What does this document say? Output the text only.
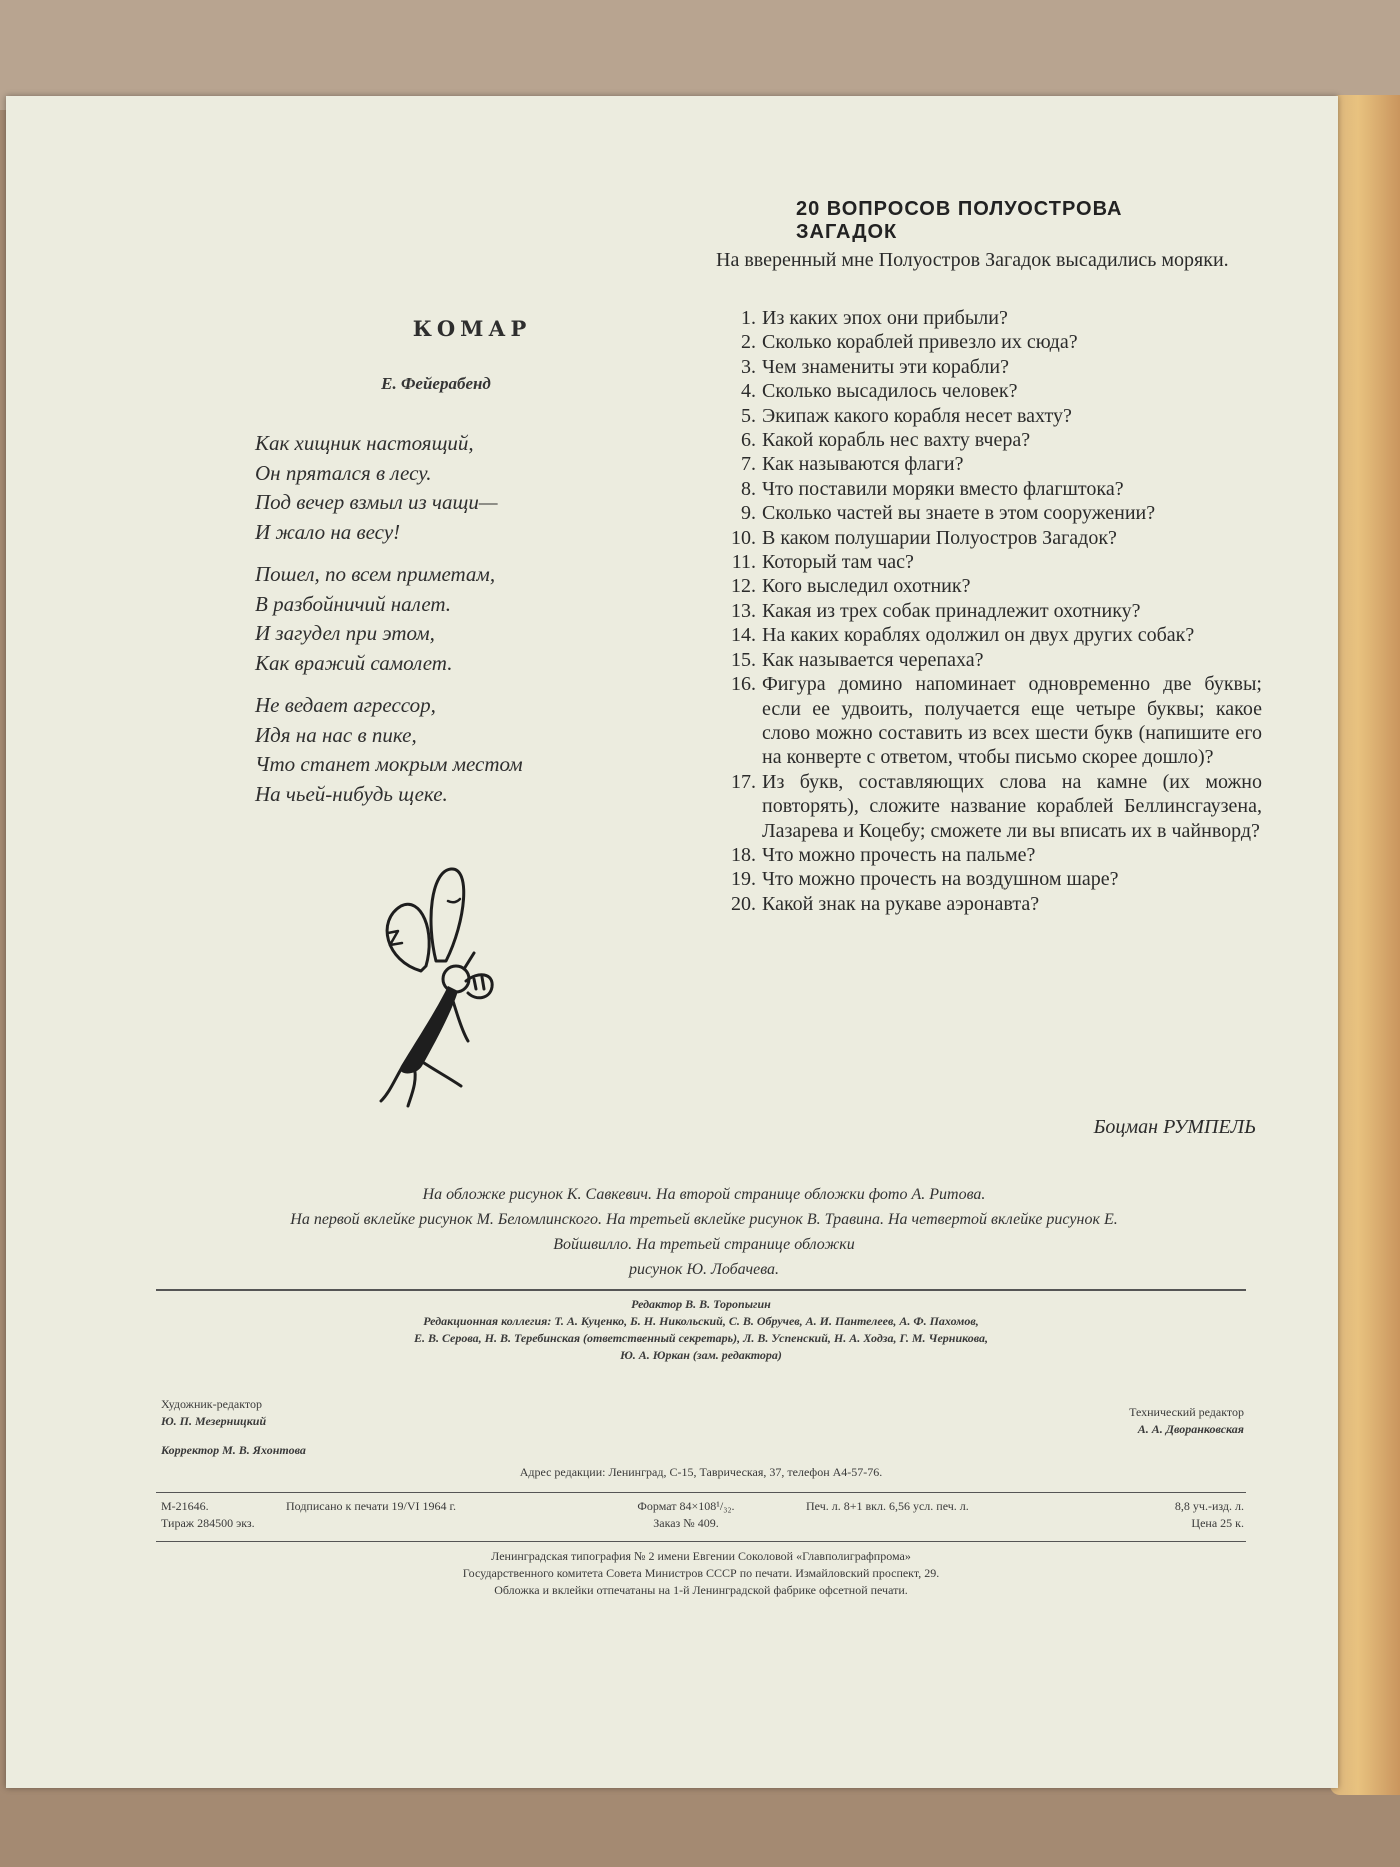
КОМАР
Е. Фейерабенд
Как хищник настоящий,
Он прятался в лесу.
Под вечер взмыл из чащи—
И жало на весу!
Пошел, по всем приметам,
В разбойничий налет.
И загудел при этом,
Как вражий самолет.
Не ведает агрессор,
Идя на нас в пике,
Что станет мокрым местом
На чьей-нибудь щеке.
20 ВОПРОСОВ ПОЛУОСТРОВА ЗАГАДОК
На вверенный мне Полуостров Загадок высадились моряки.
1. Из каких эпох они прибыли?
2. Сколько кораблей привезло их сюда?
3. Чем знамениты эти корабли?
4. Сколько высадилось человек?
5. Экипаж какого корабля несет вахту?
6. Какой корабль нес вахту вчера?
7. Как называются флаги?
8. Что поставили моряки вместо флагштока?
9. Сколько частей вы знаете в этом сооружении?
10. В каком полушарии Полуостров Загадок?
11. Который там час?
12. Кого выследил охотник?
13. Какая из трех собак принадлежит охотнику?
14. На каких кораблях одолжил он двух других собак?
15. Как называется черепаха?
16. Фигура домино напоминает одновременно две буквы; если ее удвоить, получается еще четыре буквы; какое слово можно составить из всех шести букв (напишите его на конверте с ответом, чтобы письмо скорее дошло)?
17. Из букв, составляющих слова на камне (их можно повторять), сложите название кораблей Беллинсгаузена, Лазарева и Коцебу; сможете ли вы вписать их в чайнворд?
18. Что можно прочесть на пальме?
19. Что можно прочесть на воздушном шаре?
20. Какой знак на рукаве аэронавта?
Боцман РУМПЕЛЬ
На обложке рисунок К. Савкевич. На второй странице обложки фото А. Ритова.
На первой вклейке рисунок М. Беломлинского. На третьей вклейке рисунок В. Травина. На четвертой вклейке рисунок Е. Войшвилло. На третьей странице обложки
рисунок Ю. Лобачева.
Редактор В. В. Торопыгин
Редакционная коллегия: Т. А. Куценко, Б. Н. Никольский, С. В. Обручев, А. И. Пантелеев, А. Ф. Пахомов,
Е. В. Серова, Н. В. Теребинская (ответственный секретарь), Л. В. Успенский, Н. А. Ходза, Г. М. Черникова,
Ю. А. Юркан (зам. редактора)
Художник-редактор
Ю. П. Мезерницкий
Технический редактор
А. А. Дворанковская
Корректор М. В. Яхонтова
Адрес редакции: Ленинград, С-15, Таврическая, 37, телефон А4-57-76.
М-21646.
Тираж 284500 экз.
Подписано к печати 19/VI 1964 г.	Формат 84×108¹/₃₂.
Заказ № 409.
Печ. л. 8+1 вкл. 6,56 усл. печ. л.	8,8 уч.-изд. л.
Цена 25 к.
Ленинградская типография № 2 имени Евгении Соколовой «Главполиграфпрома»
Государственного комитета Совета Министров СССР по печати. Измайловский проспект, 29.
Обложка и вклейки отпечатаны на 1-й Ленинградской фабрике офсетной печати.
